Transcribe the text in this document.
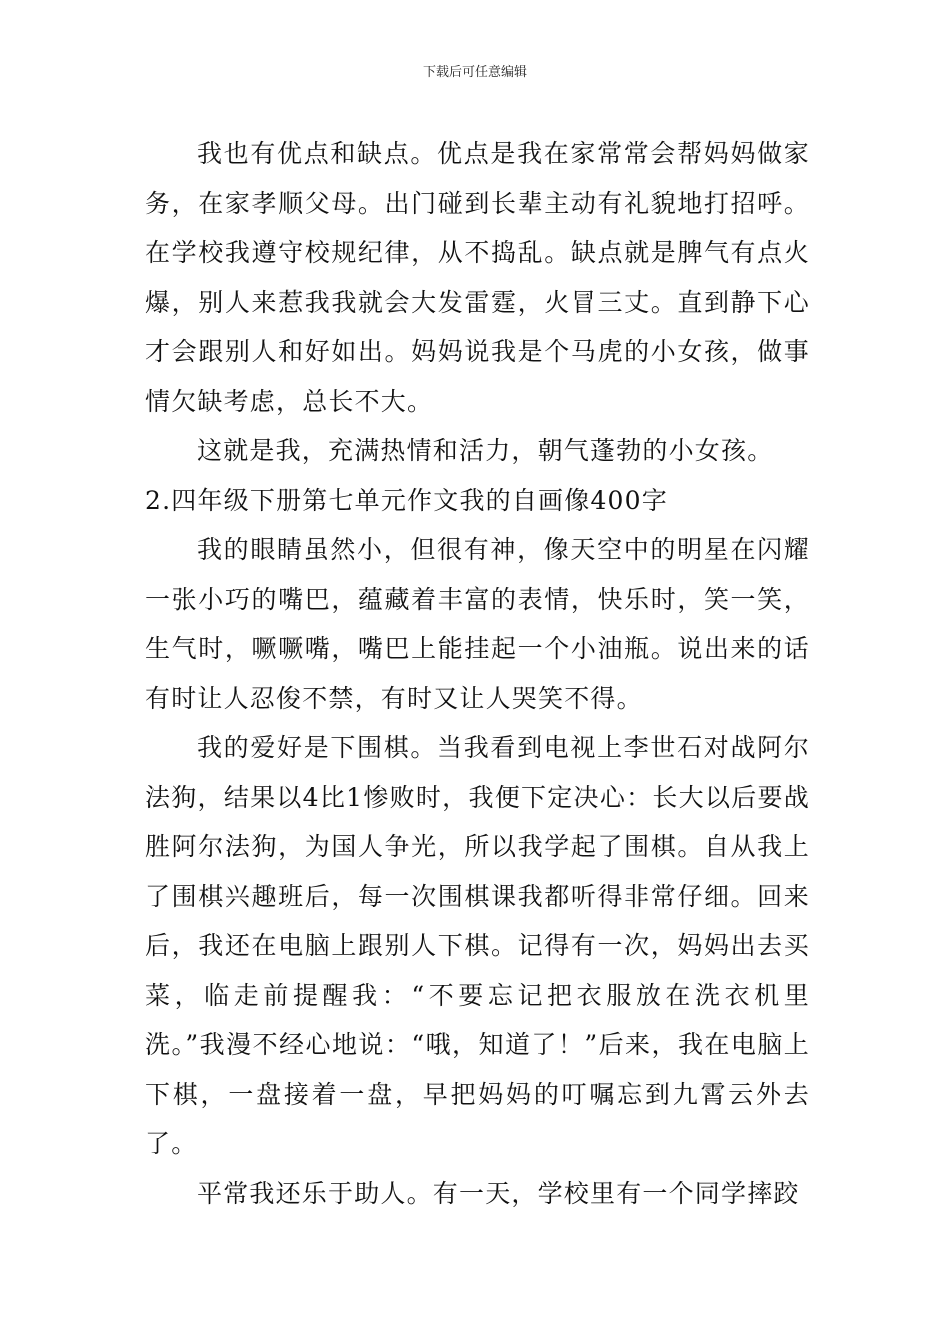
下载后可任意编辑

我也有优点和缺点。优点是我在家常常会帮妈妈做家务，在家孝顺父母。出门碰到长辈主动有礼貌地打招呼。在学校我遵守校规纪律，从不捣乱。缺点就是脾气有点火爆，别人来惹我我就会大发雷霆，火冒三丈。直到静下心才会跟别人和好如出。妈妈说我是个马虎的小女孩，做事情欠缺考虑，总长不大。

这就是我，充满热情和活力，朝气蓬勃的小女孩。

2.四年级下册第七单元作文我的自画像400字

我的眼睛虽然小，但很有神，像天空中的明星在闪耀一张小巧的嘴巴，蕴藏着丰富的表情，快乐时，笑一笑，生气时，噘噘嘴，嘴巴上能挂起一个小油瓶。说出来的话有时让人忍俊不禁，有时又让人哭笑不得。

我的爱好是下围棋。当我看到电视上李世石对战阿尔法狗，结果以4比1惨败时，我便下定决心：长大以后要战胜阿尔法狗，为国人争光，所以我学起了围棋。自从我上了围棋兴趣班后，每一次围棋课我都听得非常仔细。回来后，我还在电脑上跟别人下棋。记得有一次，妈妈出去买菜，临走前提醒我：“不要忘记把衣服放在洗衣机里洗。”我漫不经心地说：“哦，知道了！”后来，我在电脑上下棋，一盘接着一盘，早把妈妈的叮嘱忘到九霄云外去了。

平常我还乐于助人。有一天，学校里有一个同学摔跤
